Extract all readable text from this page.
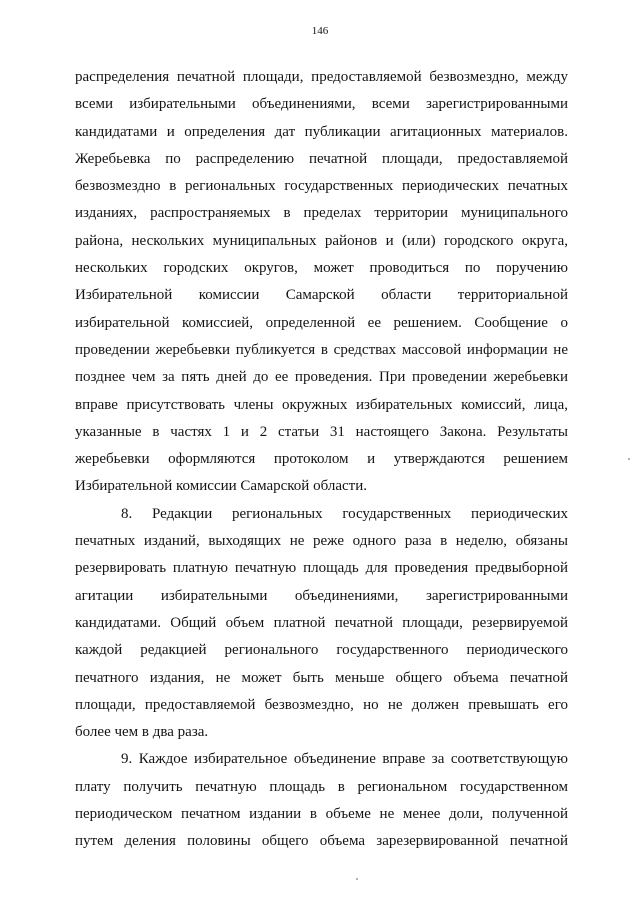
146

распределения печатной площади, предоставляемой безвозмездно, между

всеми избирательными объединениями, всеми зарегистрированными

кандидатами и определения дат публикации агитационных материалов.

Жеребьевка по распределению печатной площади, предоставляемой

безвозмездно в региональных государственных периодических печатных

изданиях, распространяемых в пределах территории муниципального

района, нескольких муниципальных районов и (или) городского округа,

нескольких городских округов, может проводиться по поручению

Избирательной комиссии Самарской области территориальной

избирательной комиссией, определенной ее решением. Сообщение о

проведении жеребьевки публикуется в средствах массовой информации не

позднее чем за пять дней до ее проведения. При проведении жеребьевки

вправе присутствовать члены окружных избирательных комиссий, лица,

указанные в частях 1 и 2 статьи 31 настоящего Закона. Результаты

жеребьевки оформляются протоколом и утверждаются решением

Избирательной комиссии Самарской области.

8. Редакции региональных государственных периодических

печатных изданий, выходящих не реже одного раза в неделю, обязаны

резервировать платную печатную площадь для проведения предвыборной

агитации избирательными объединениями, зарегистрированными

кандидатами. Общий объем платной печатной площади, резервируемой

каждой редакцией регионального государственного периодического

печатного издания, не может быть меньше общего объема печатной

площади, предоставляемой безвозмездно, но не должен превышать его

более чем в два раза.

9. Каждое избирательное объединение вправе за соответствующую

плату получить печатную площадь в региональном государственном

периодическом печатном издании в объеме не менее доли, полученной

путем деления половины общего объема зарезервированной печатной
